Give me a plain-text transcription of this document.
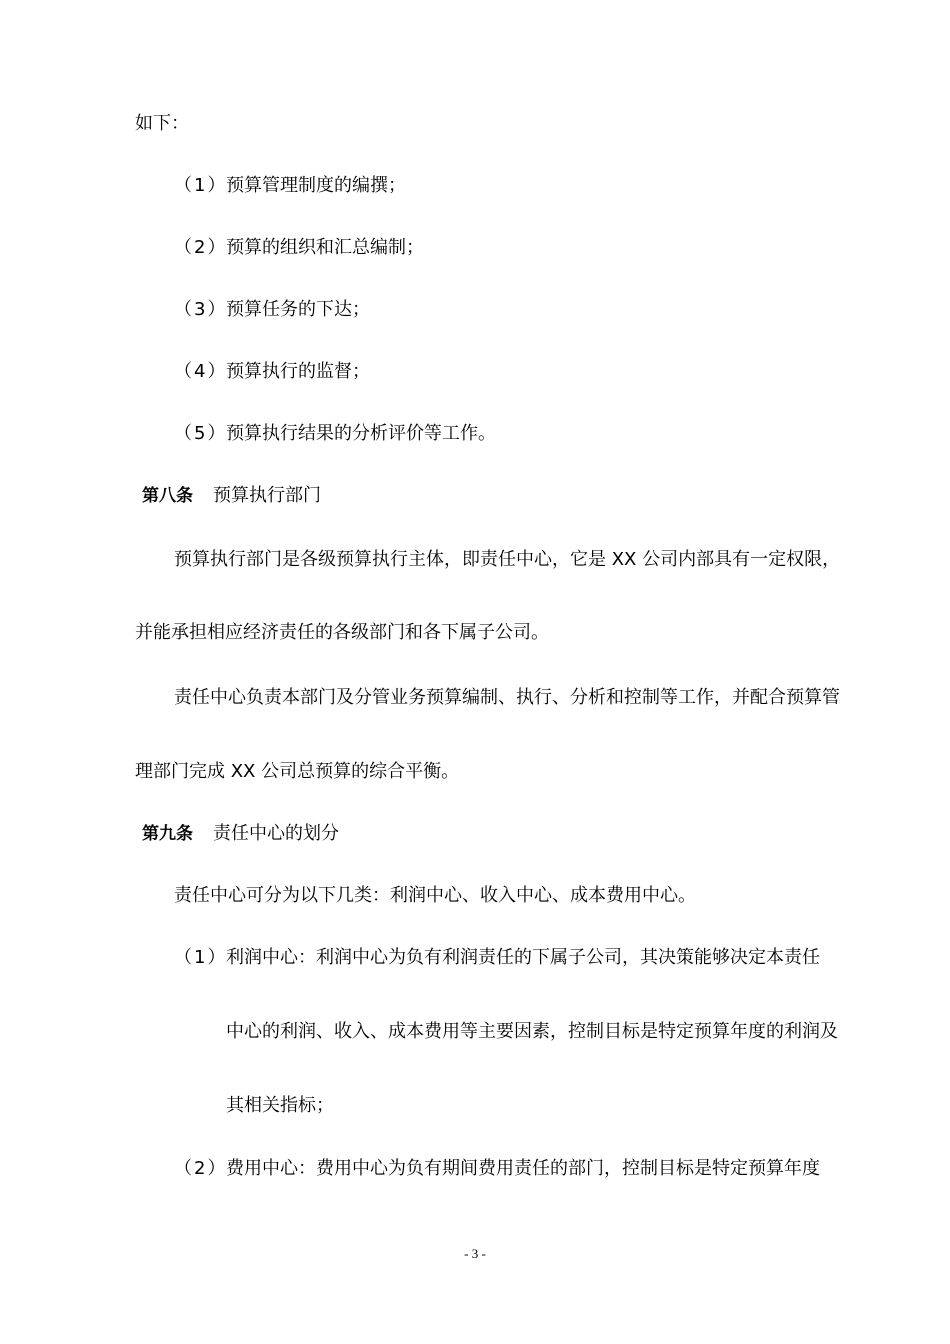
如下：
（1）预算管理制度的编撰；
（2）预算的组织和汇总编制；
（3）预算任务的下达；
（4）预算执行的监督；
（5）预算执行结果的分析评价等工作。
第八条 预算执行部门
预算执行部门是各级预算执行主体，即责任中心，它是 XX 公司内部具有一定权限，
并能承担相应经济责任的各级部门和各下属子公司。
责任中心负责本部门及分管业务预算编制、执行、分析和控制等工作，并配合预算管
理部门完成 XX 公司总预算的综合平衡。
第九条 责任中心的划分
责任中心可分为以下几类：利润中心、收入中心、成本费用中心。
（1）利润中心：利润中心为负有利润责任的下属子公司，其决策能够决定本责任
中心的利润、收入、成本费用等主要因素，控制目标是特定预算年度的利润及
其相关指标；
（2）费用中心：费用中心为负有期间费用责任的部门，控制目标是特定预算年度
- 3 -
